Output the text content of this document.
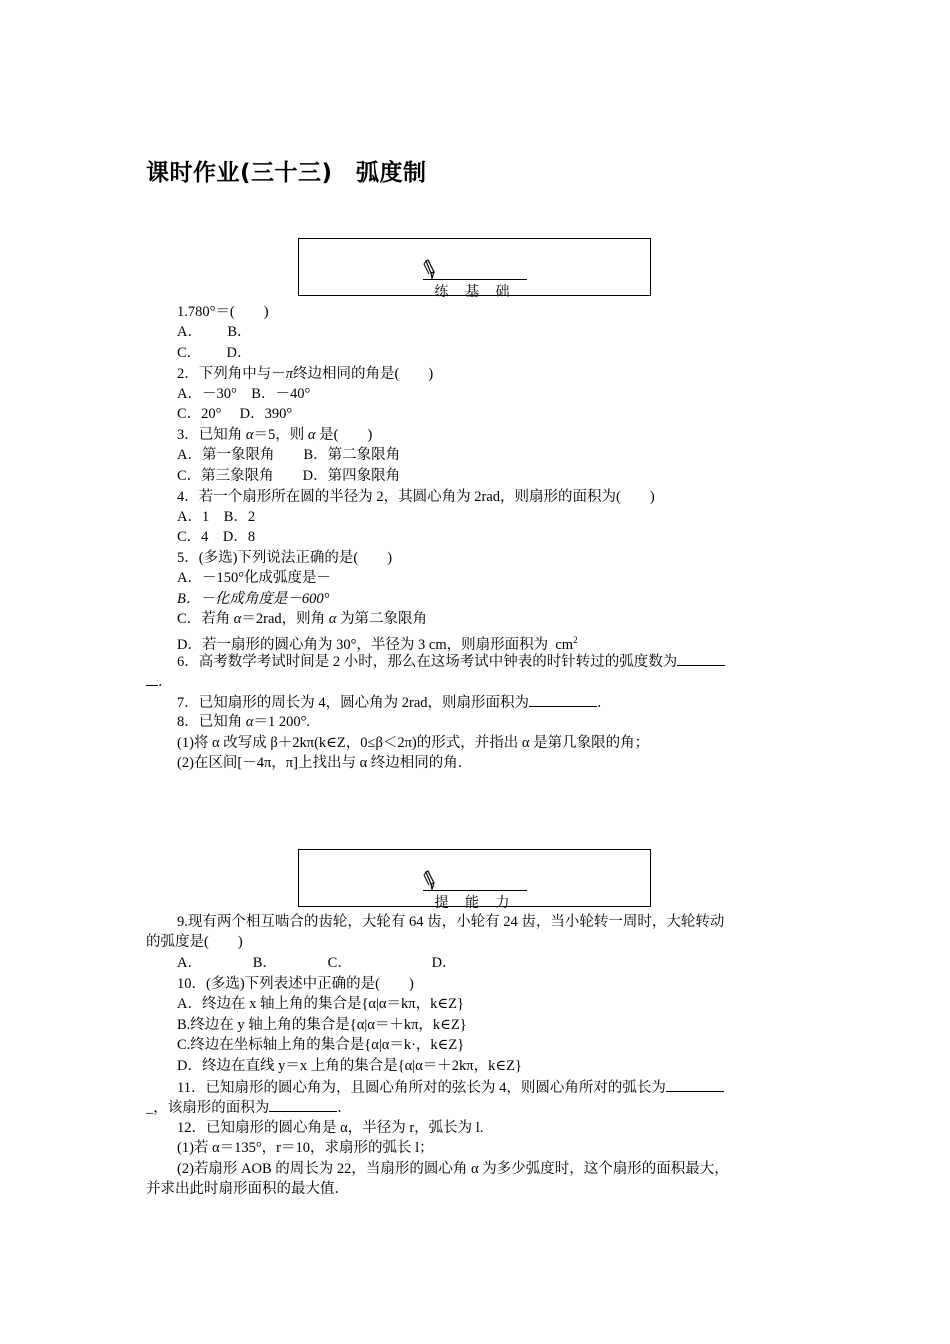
课时作业(三十三)　弧度制
练 基 础
1.780°＝(　　)
A．　　 B．
C．　　 D．
2．下列角中与－π终边相同的角是(　　)
A．－30°　B．－40°
C．20°　 D．390°
3．已知角 α＝5，则 α 是(　　)
A．第一象限角　　B．第二象限角
C．第三象限角　　D．第四象限角
4．若一个扇形所在圆的半径为 2，其圆心角为 2rad，则扇形的面积为(　　)
A．1　B．2
C．4　D．8
5．(多选)下列说法正确的是(　　)
A．－150°化成弧度是－
B．－化成角度是－600°
C．若角 α＝2rad，则角 α 为第二象限角
D．若一扇形的圆心角为 30°，半径为 3 cm，则扇形面积为  $cm^2$
6．高考数学考试时间是 2 小时，那么在这场考试中钟表的时针转过的弧度数为
．
7．已知扇形的周长为 4，圆心角为 2rad，则扇形面积为	．
8．已知角 α＝1 200°.
(1)将 α 改写成 β＋2kπ(k∈Z，0≤β＜2π)的形式，并指出 α 是第几象限的角；
(2)在区间[－4π，π]上找出与 α 终边相同的角．
提 能 力
9.现有两个相互啮合的齿轮，大轮有 64 齿，小轮有 24 齿，当小轮转一周时，大轮转动
的弧度是(　　)
A．　　　　B．　　　　C．　　　　　　D．
10．(多选)下列表述中正确的是(　　)
A．终边在 x 轴上角的集合是{α|α＝kπ，k∈Z}
B.终边在 y 轴上角的集合是{α|α＝＋kπ，k∈Z}
C.终边在坐标轴上角的集合是{α|α＝k·，k∈Z}
D．终边在直线 y＝x 上角的集合是{α|α＝＋2kπ，k∈Z}
11．已知扇形的圆心角为，且圆心角所对的弦长为 4，则圆心角所对的弧长为
_，该扇形的面积为	．
12．已知扇形的圆心角是 α，半径为 r，弧长为 l.
(1)若 α＝135°，r＝10，求扇形的弧长 l；
(2)若扇形 AOB 的周长为 22，当扇形的圆心角 α 为多少弧度时，这个扇形的面积最大，
并求出此时扇形面积的最大值．
